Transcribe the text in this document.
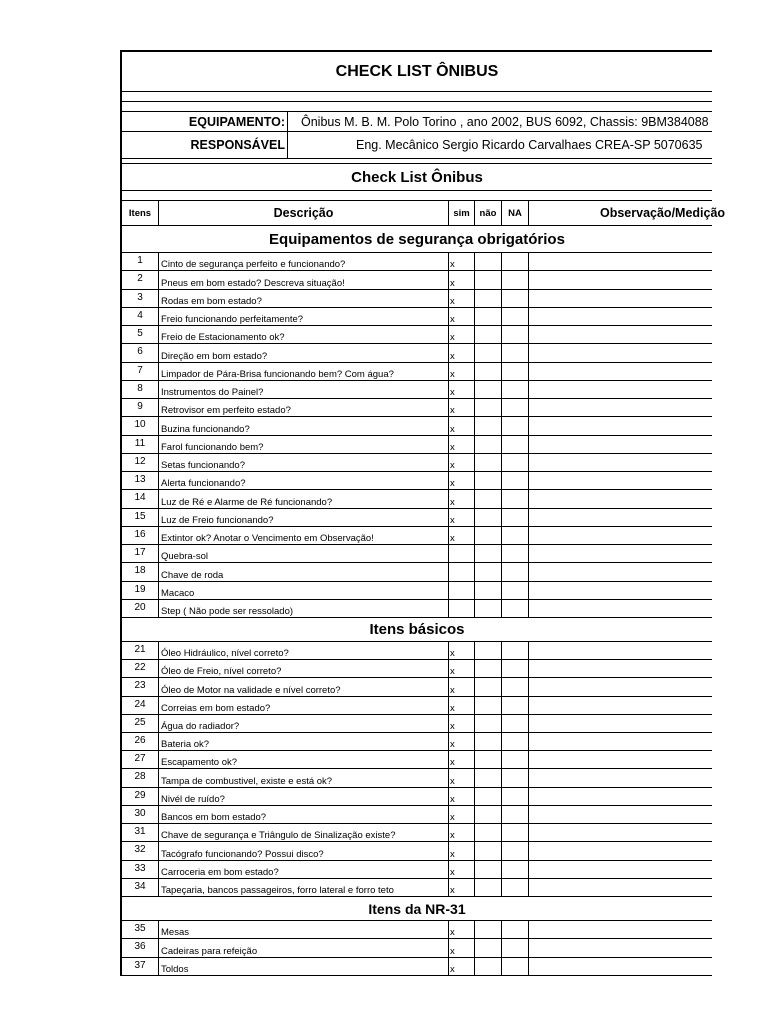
CHECK LIST ÔNIBUS
EQUIPAMENTO:	Ônibus M. B. M. Polo Torino , ano 2002, BUS 6092, Chassis: 9BM384088
RESPONSÁVEL	Eng. Mecânico Sergio Ricardo Carvalhaes CREA-SP 5070635
Check List Ônibus
Itens	Descrição	sim	não	NA	Observação/Medição
Equipamentos de segurança obrigatórios
1	Cinto de segurança perfeito e funcionando?	x
2	Pneus em bom estado? Descreva situação!	x
3	Rodas em bom estado?	x
4	Freio funcionando perfeitamente?	x
5	Freio de Estacionamento ok?	x
6	Direção em bom estado?	x
7	Limpador de Pára-Brisa funcionando bem? Com água?	x
8	Instrumentos do Painel?	x
9	Retrovisor em perfeito estado?	x
10	Buzina funcionando?	x
11	Farol funcionando bem?	x
12	Setas funcionando?	x
13	Alerta funcionando?	x
14	Luz de Ré e Alarme de Ré funcionando?	x
15	Luz de Freio funcionando?	x
16	Extintor ok? Anotar o Vencimento em Observação!	x
17	Quebra-sol
18	Chave de roda
19	Macaco
20	Step ( Não pode ser ressolado)
Itens básicos
21	Óleo Hidráulico, nível correto?	x
22	Óleo de Freio, nível correto?	x
23	Óleo de Motor na validade e nível correto?	x
24	Correias em bom estado?	x
25	Água do radiador?	x
26	Bateria ok?	x
27	Escapamento ok?	x
28	Tampa de combustivel, existe e está ok?	x
29	Nivél de ruído?	x
30	Bancos em bom estado?	x
31	Chave de segurança e Triângulo de Sinalização existe?	x
32	Tacógrafo funcionando? Possui disco?	x
33	Carroceria em bom estado?	x
34	Tapeçaria, bancos passageiros, forro lateral e forro teto	x
Itens da NR-31
35	Mesas	x
36	Cadeiras para refeição	x
37	Toldos	x
